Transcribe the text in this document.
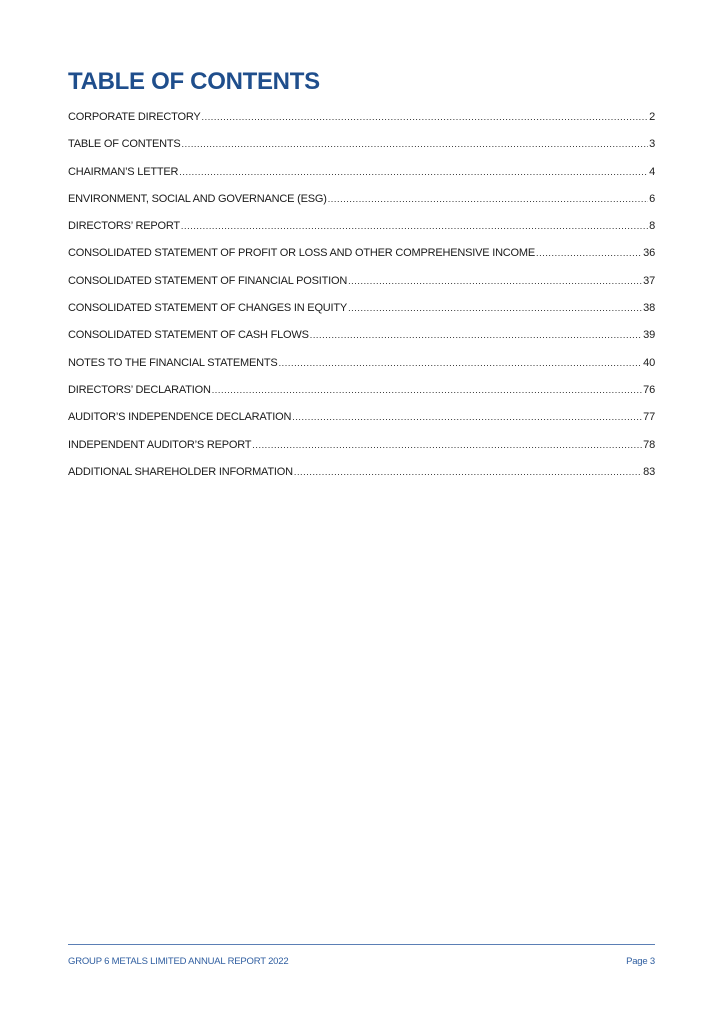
TABLE OF CONTENTS
CORPORATE DIRECTORY .....	2
TABLE OF CONTENTS .....	3
CHAIRMAN’S LETTER .....	4
ENVIRONMENT, SOCIAL AND GOVERNANCE (ESG) .....	6
DIRECTORS’ REPORT .....	8
CONSOLIDATED STATEMENT OF PROFIT OR LOSS AND OTHER COMPREHENSIVE INCOME .....	36
CONSOLIDATED STATEMENT OF FINANCIAL POSITION .....	37
CONSOLIDATED STATEMENT OF CHANGES IN EQUITY .....	38
CONSOLIDATED STATEMENT OF CASH FLOWS .....	39
NOTES TO THE FINANCIAL STATEMENTS .....	40
DIRECTORS’ DECLARATION .....	76
AUDITOR’S INDEPENDENCE DECLARATION .....	77
INDEPENDENT AUDITOR’S REPORT .....	78
ADDITIONAL SHAREHOLDER INFORMATION .....	83
GROUP 6 METALS LIMITED ANNUAL REPORT 2022	Page 3
